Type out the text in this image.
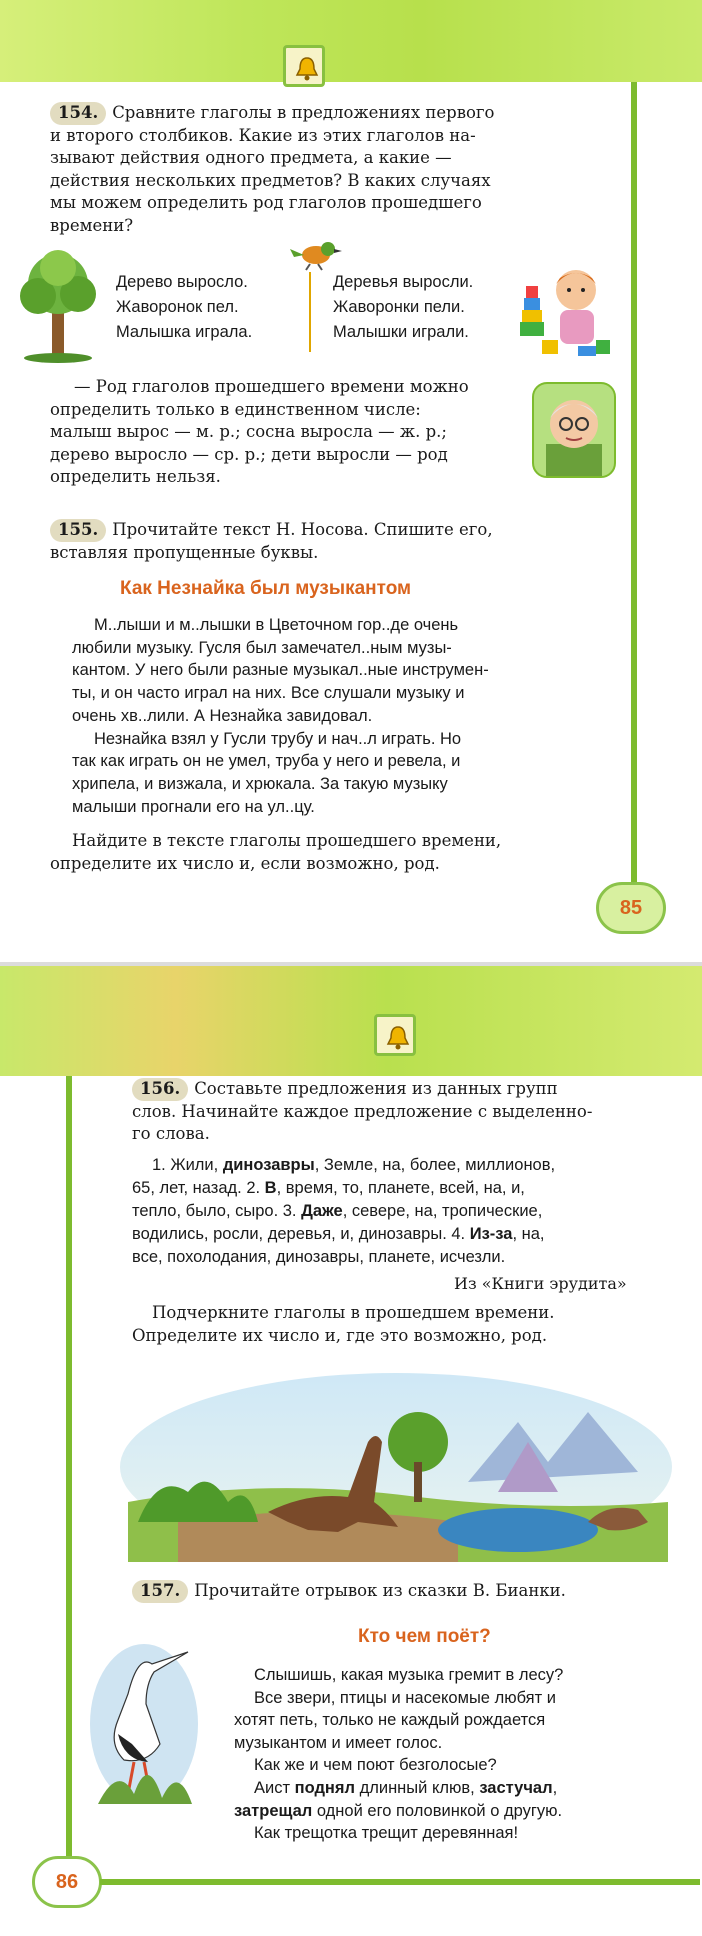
154. Сравните глаголы в предложениях первого
и второго столбиков. Какие из этих глаголов на-
зывают действия одного предмета, а какие —
действия нескольких предметов? В каких случаях
мы можем определить род глаголов прошедшего
времени?
Дерево выросло.
Жаворонок пел.
Малышка играла.
Деревья выросли.
Жаворонки пели.
Малышки играли.
— Род глаголов прошедшего времени можно
определить только в единственном числе:
малыш вырос — м. р.; сосна выросла — ж. р.;
дерево выросло — ср. р.; дети выросли — род
определить нельзя.
155. Прочитайте текст Н. Носова. Спишите его,
вставляя пропущенные буквы.
Как Незнайка был музыкантом
М..лыши и м..лышки в Цветочном гор..де очень
любили музыку. Гусля был замечател..ным музы-
кантом. У него были разные музыкал..ные инструмен-
ты, и он часто играл на них. Все слушали музыку и
очень хв..лили. А Незнайка завидовал.
Незнайка взял у Гусли трубу и нач..л играть. Но
так как играть он не умел, труба у него и ревела, и
хрипела, и визжала, и хрюкала. За такую музыку
малыши прогнали его на ул..цу.
Найдите в тексте глаголы прошедшего времени,
определите их число и, если возможно, род.
85
156. Составьте предложения из данных групп
слов. Начинайте каждое предложение с выделенно-
го слова.
1. Жили, динозавры, Земле, на, более, миллионов,
65, лет, назад. 2. В, время, то, планете, всей, на, и,
тепло, было, сыро. 3. Даже, севере, на, тропические,
водились, росли, деревья, и, динозавры. 4. Из-за, на,
все, похолодания, динозавры, планете, исчезли.
Из «Книги эрудита»
Подчеркните глаголы в прошедшем времени.
Определите их число и, где это возможно, род.
157. Прочитайте отрывок из сказки В. Бианки.
Кто чем поёт?
Слышишь, какая музыка гремит в лесу?
Все звери, птицы и насекомые любят и
хотят петь, только не каждый рождается
музыкантом и имеет голос.
Как же и чем поют безголосые?
Аист поднял длинный клюв, застучал,
затрещал одной его половинкой о другую.
Как трещотка трещит деревянная!
86
